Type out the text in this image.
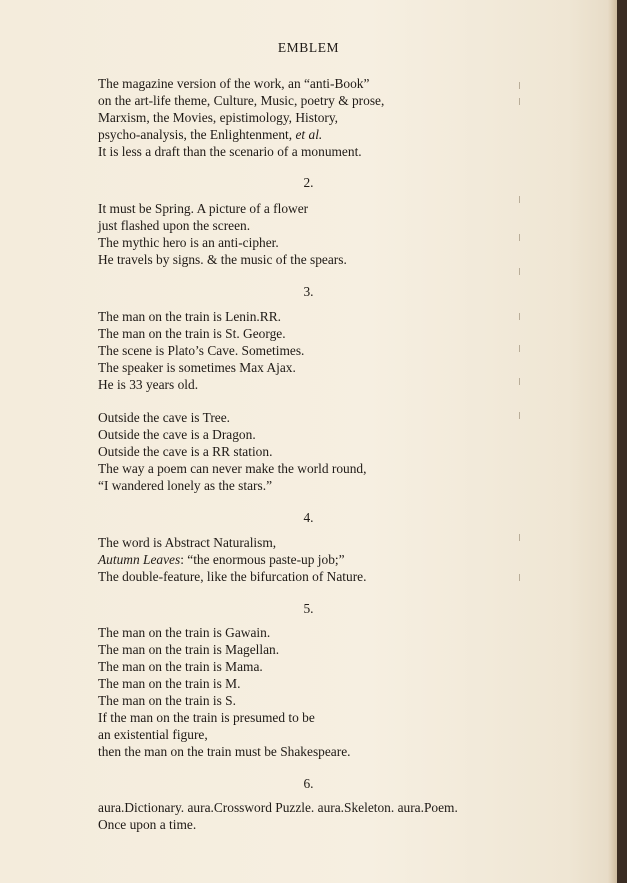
EMBLEM
The magazine version of the work, an “anti-Book”
on the art-life theme, Culture, Music, poetry & prose,
Marxism, the Movies, epistimology, History,
psycho-analysis, the Enlightenment, et al.
It is less a draft than the scenario of a monument.
2.
It must be Spring. A picture of a flower
just flashed upon the screen.
The mythic hero is an anti-cipher.
He travels by signs. & the music of the spears.
3.
The man on the train is Lenin.RR.
The man on the train is St. George.
The scene is Plato’s Cave. Sometimes.
The speaker is sometimes Max Ajax.
He is 33 years old.
Outside the cave is Tree.
Outside the cave is a Dragon.
Outside the cave is a RR station.
The way a poem can never make the world round,
“I wandered lonely as the stars.”
4.
The word is Abstract Naturalism,
Autumn Leaves: “the enormous paste-up job;”
The double-feature, like the bifurcation of Nature.
5.
The man on the train is Gawain.
The man on the train is Magellan.
The man on the train is Mama.
The man on the train is M.
The man on the train is S.
If the man on the train is presumed to be
an existential figure,
then the man on the train must be Shakespeare.
6.
aura.Dictionary. aura.Crossword Puzzle. aura.Skeleton. aura.Poem.
Once upon a time.
